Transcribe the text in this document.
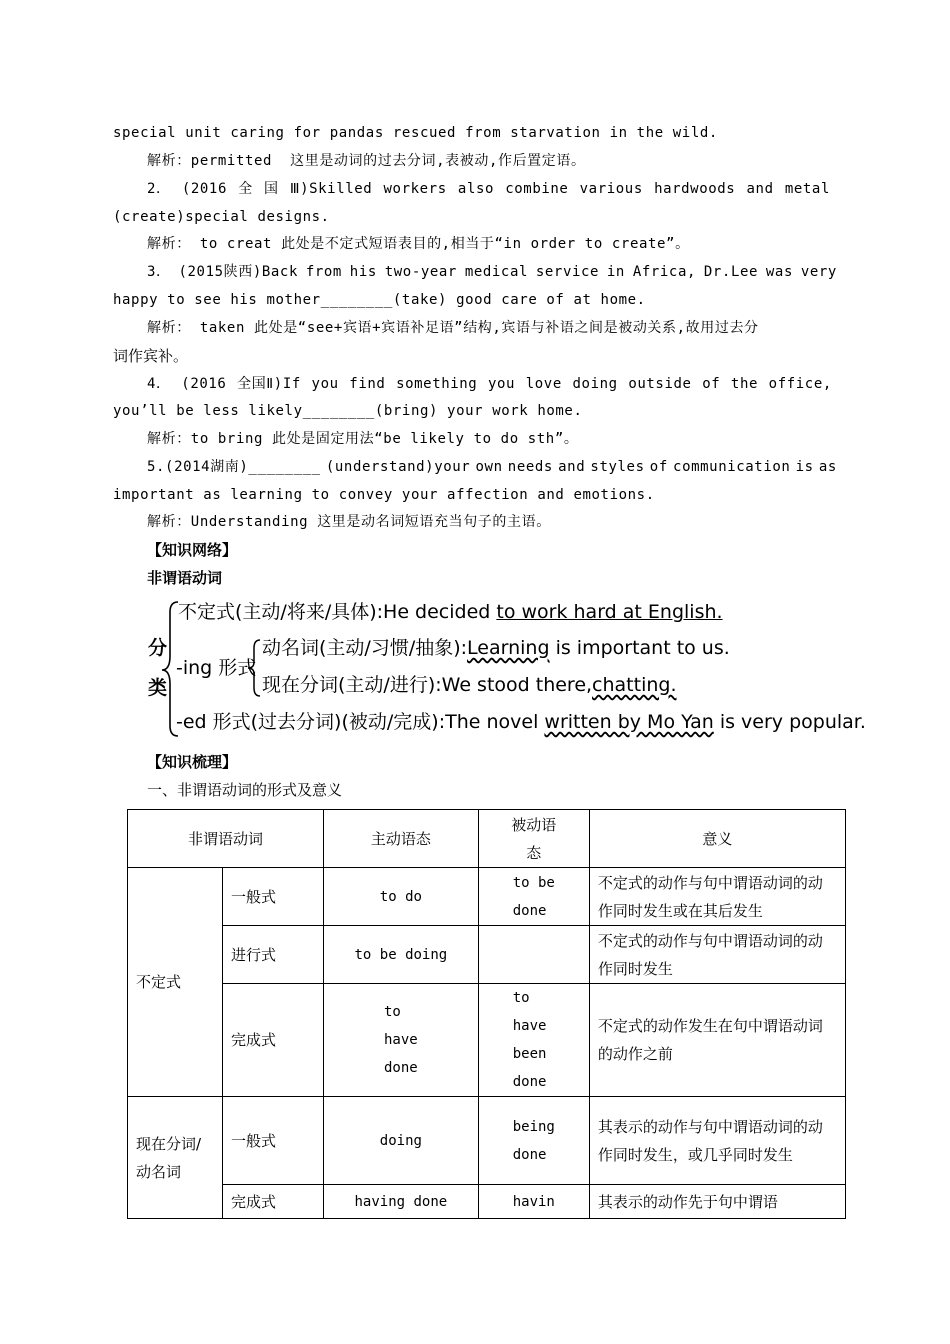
special unit caring for pandas rescued from starvation in the wild.
解析：permitted  这里是动词的过去分词,表被动,作后置定语。
2． (2016 全 国 Ⅲ)Skilled workers also combine various hardwoods and metal
(create)special designs.
解析： to creat 此处是不定式短语表目的,相当于“in order to create”。
3． (2015陕西)Back from his two-year medical service in Africa, Dr.Lee was very
happy to see his mother________(take) good care of at home.
解析： taken 此处是“see+宾语+宾语补足语”结构,宾语与补语之间是被动关系,故用过去分
词作宾补。
4． (2016 全国Ⅱ)If you find something you love doing outside of the office,
you’ll be less likely________(bring) your work home.
解析：to bring 此处是固定用法“be likely to do sth”。
5.(2014湖南)________ (understand)your own needs and styles of communication is as
important as learning to convey your affection and emotions.
解析：Understanding 这里是动名词短语充当句子的主语。
【知识网络】
非谓语动词
分
类
不定式(主动/将来/具体):He decided to work hard at English.
-ing 形式
动名词(主动/习惯/抽象):Learning is important to us.
现在分词(主动/进行):We stood there,chatting.
-ed 形式(过去分词)(被动/完成):The novel written by Mo Yan is very popular.
【知识梳理】
一、非谓语动词的形式及意义
非谓语动词		主动语态	被动语态	意义
不定式	一般式	to do	to be done	不定式的动作与句中谓语动词的动作同时发生或在其后发生
	进行式	to be doing		不定式的动作与句中谓语动词的动作同时发生
	完成式	to have done	to have been done	不定式的动作发生在句中谓语动词的动作之前
现在分词/动名词	一般式	doing	being done	其表示的动作与句中谓语动词的动作同时发生，或几乎同时发生
	完成式	having done	havin	其表示的动作先于句中谓语
